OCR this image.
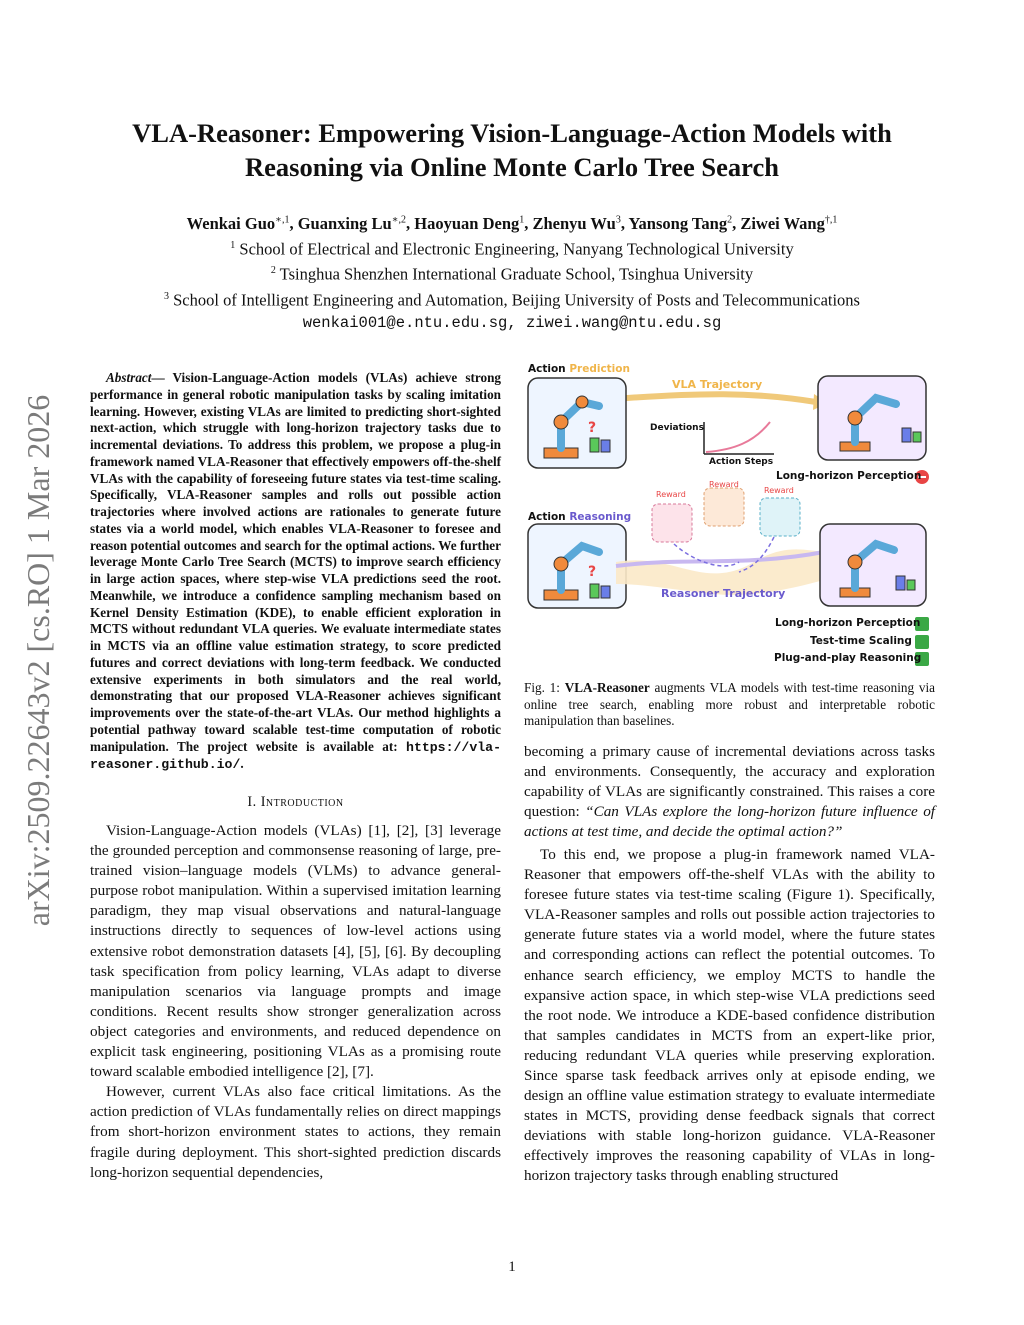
VLA-Reasoner: Empowering Vision-Language-Action Models with Reasoning via Online Monte Carlo Tree Search
Wenkai Guo$^{∗,1}$, Guanxing $Lu^{∗,2}$, Haoyuan Deng$^1$, Zhenyu Wu$^3$, Yansong Tang$^2$, Ziwei Wang$^{\dagger,1}$
$^1$ School of Electrical and Electronic Engineering, Nanyang Technological University
$^2$ Tsinghua Shenzhen International Graduate School, Tsinghua University
$^3$ School of Intelligent Engineering and Automation, Beijing University of Posts and Telecommunications
wenkai001@e.ntu.edu.sg, ziwei.wang@ntu.edu.sg
arXiv:2509.22643v2 [cs.RO] 1 Mar 2026

Abstract— Vision-Language-Action models (VLAs) achieve strong performance in general robotic manipulation tasks by scaling imitation learning. However, existing VLAs are limited to predicting short-sighted next-action, which struggle with long-horizon trajectory tasks due to incremental deviations. To address this problem, we propose a plug-in framework named VLA-Reasoner that effectively empowers off-the-shelf VLAs with the capability of foreseeing future states via test-time scaling. Specifically, VLA-Reasoner samples and rolls out possible action trajectories where involved actions are rationales to generate future states via a world model, which enables VLA-Reasoner to foresee and reason potential outcomes and search for the optimal actions. We further leverage Monte Carlo Tree Search (MCTS) to improve search efficiency in large action spaces, where step-wise VLA predictions seed the root. Meanwhile, we introduce a confidence sampling mechanism based on Kernel Density Estimation (KDE), to enable efficient exploration in MCTS without redundant VLA queries. We evaluate intermediate states in MCTS via an offline value estimation strategy, to score predicted futures and correct deviations with long-term feedback. We conducted extensive experiments in both simulators and the real world, demonstrating that our proposed VLA-Reasoner achieves significant improvements over the state-of-the-art VLAs. Our method highlights a potential pathway toward scalable test-time computation of robotic manipulation. The project website is available at: https://vla-reasoner.github.io/.

I. Introduction

Vision-Language-Action models (VLAs) [1], [2], [3] leverage the grounded perception and commonsense reasoning of large, pre-trained vision–language models (VLMs) to advance general-purpose robot manipulation. Within a supervised imitation learning paradigm, they map visual observations and natural-language instructions directly to sequences of low-level actions using extensive robot demonstration datasets [4], [5], [6]. By decoupling task specification from policy learning, VLAs adapt to diverse manipulation scenarios via language prompts and image conditions. Recent results show stronger generalization across object categories and environments, and reduced dependence on explicit task engineering, positioning VLAs as a promising route toward scalable embodied intelligence [2], [7].

However, current VLAs also face critical limitations. As the action prediction of VLAs fundamentally relies on direct mappings from short-horizon environment states to actions, they remain fragile during deployment. This short-sighted prediction discards long-horizon sequential dependencies,

Action Prediction
VLA Trajectory
Deviations
Action Steps
Long-horizon Perception
Reward
Reward
Reward
Action Reasoning
Reasoner Trajectory
Long-horizon Perception
Test-time Scaling
Plug-and-play Reasoning
?
?

Fig. 1: VLA-Reasoner augments VLA models with test-time reasoning via online tree search, enabling more robust and interpretable robotic manipulation than baselines.

becoming a primary cause of incremental deviations across tasks and environments. Consequently, the accuracy and exploration capability of VLAs are significantly constrained. This raises a core question: “Can VLAs explore the long-horizon future influence of actions at test time, and decide the optimal action?”

To this end, we propose a plug-in framework named VLA-Reasoner that empowers off-the-shelf VLAs with the ability to foresee future states via test-time scaling (Figure 1). Specifically, VLA-Reasoner samples and rolls out possible action trajectories to generate future states via a world model, where the future states and corresponding actions can reflect the potential outcomes. To enhance search efficiency, we employ MCTS to handle the expansive action space, in which step-wise VLA predictions seed the root node. We introduce a KDE-based confidence distribution that samples candidates in MCTS from an expert-like prior, reducing redundant VLA queries while preserving exploration. Since sparse task feedback arrives only at episode ending, we design an offline value estimation strategy to evaluate intermediate states in MCTS, providing dense feedback signals that correct deviations with stable long-horizon guidance. VLA-Reasoner effectively improves the reasoning capability of VLAs in long-horizon trajectory tasks through enabling structured

1
